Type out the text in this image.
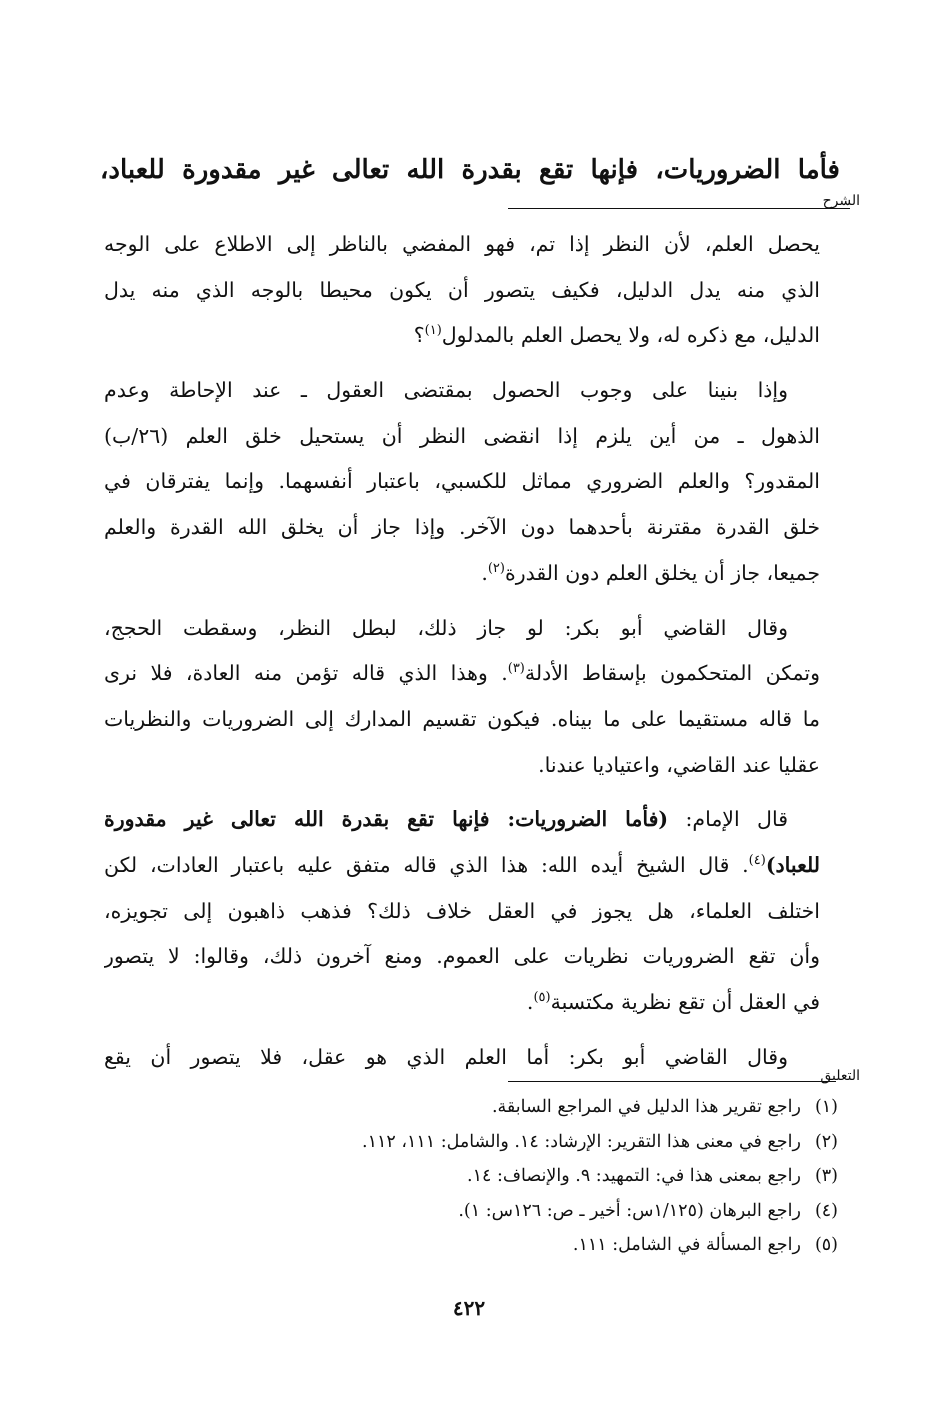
فأما الضروريات، فإنها تقع بقدرة الله تعالى غير مقدورة للعباد،
الشرح
يحصل العلم، لأن النظر إذا تم، فهو المفضي بالناظر إلى الاطلاع على الوجه
الذي منه يدل الدليل، فكيف يتصور أن يكون محيطا بالوجه الذي منه يدل
الدليل، مع ذكره له، ولا يحصل العلم بالمدلول$^{(١)}$؟
وإذا بنينا على وجوب الحصول بمقتضى العقول ـ عند الإحاطة وعدم
الذهول ـ من أين يلزم إذا انقضى النظر أن يستحيل خلق العلم (٢٦/ب)
المقدور؟ والعلم الضروري مماثل للكسبي، باعتبار أنفسهما. وإنما يفترقان في
خلق القدرة مقترنة بأحدهما دون الآخر. وإذا جاز أن يخلق الله القدرة والعلم
جميعا، جاز أن يخلق العلم دون القدرة$^{(٢)}$.
وقال القاضي أبو بكر: لو جاز ذلك، لبطل النظر، وسقطت الحجج،
وتمكن المتحكمون بإسقاط الأدلة$^{(٣)}$. وهذا الذي قاله تؤمن منه العادة، فلا نرى
ما قاله مستقيما على ما بيناه. فيكون تقسيم المدارك إلى الضروريات والنظريات
عقليا عند القاضي، واعتياديا عندنا.
قال الإمام: (فأما الضروريات: فإنها تقع بقدرة الله تعالى غير مقدورة
للعباد)$^{(٤)}$. قال الشيخ أيده الله: هذا الذي قاله متفق عليه باعتبار العادات، لكن
اختلف العلماء، هل يجوز في العقل خلاف ذلك؟ فذهب ذاهبون إلى تجويزه،
وأن تقع الضروريات نظريات على العموم. ومنع آخرون ذلك، وقالوا: لا يتصور
في العقل أن تقع نظرية مكتسبة$^{(٥)}$.
وقال القاضي أبو بكر: أما العلم الذي هو عقل، فلا يتصور أن يقع
التعليق
(١)راجع تقرير هذا الدليل في المراجع السابقة.
(٢)راجع في معنى هذا التقرير: الإرشاد: ١٤. والشامل: ١١١، ١١٢.
(٣)راجع بمعنى هذا في: التمهيد: ٩. والإنصاف: ١٤.
(٤)راجع البرهان (١/١٢٥س: أخير ـ ص: ١٢٦س: ١).
(٥)راجع المسألة في الشامل: ١١١.
٤٢٢
